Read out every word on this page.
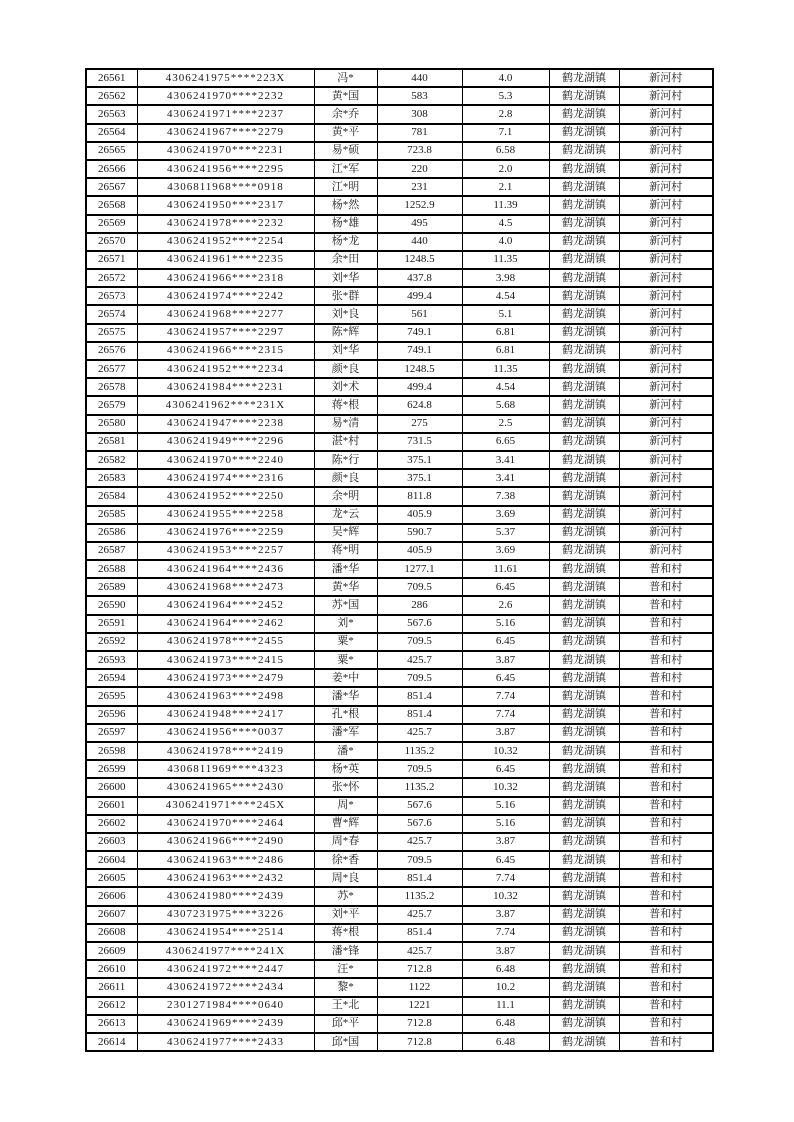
26561	4306241975****223X	冯*	440	4.0	鹤龙湖镇	新河村
26562	4306241970****2232	黄*国	583	5.3	鹤龙湖镇	新河村
26563	4306241971****2237	余*乔	308	2.8	鹤龙湖镇	新河村
26564	4306241967****2279	黄*平	781	7.1	鹤龙湖镇	新河村
26565	4306241970****2231	易*硕	723.8	6.58	鹤龙湖镇	新河村
26566	4306241956****2295	江*军	220	2.0	鹤龙湖镇	新河村
26567	4306811968****0918	江*明	231	2.1	鹤龙湖镇	新河村
26568	4306241950****2317	杨*然	1252.9	11.39	鹤龙湖镇	新河村
26569	4306241978****2232	杨*雄	495	4.5	鹤龙湖镇	新河村
26570	4306241952****2254	杨*龙	440	4.0	鹤龙湖镇	新河村
26571	4306241961****2235	余*田	1248.5	11.35	鹤龙湖镇	新河村
26572	4306241966****2318	刘*华	437.8	3.98	鹤龙湖镇	新河村
26573	4306241974****2242	张*群	499.4	4.54	鹤龙湖镇	新河村
26574	4306241968****2277	刘*良	561	5.1	鹤龙湖镇	新河村
26575	4306241957****2297	陈*辉	749.1	6.81	鹤龙湖镇	新河村
26576	4306241966****2315	刘*华	749.1	6.81	鹤龙湖镇	新河村
26577	4306241952****2234	颜*良	1248.5	11.35	鹤龙湖镇	新河村
26578	4306241984****2231	刘*术	499.4	4.54	鹤龙湖镇	新河村
26579	4306241962****231X	蒋*根	624.8	5.68	鹤龙湖镇	新河村
26580	4306241947****2238	易*清	275	2.5	鹤龙湖镇	新河村
26581	4306241949****2296	湛*村	731.5	6.65	鹤龙湖镇	新河村
26582	4306241970****2240	陈*行	375.1	3.41	鹤龙湖镇	新河村
26583	4306241974****2316	颜*良	375.1	3.41	鹤龙湖镇	新河村
26584	4306241952****2250	余*明	811.8	7.38	鹤龙湖镇	新河村
26585	4306241955****2258	龙*云	405.9	3.69	鹤龙湖镇	新河村
26586	4306241976****2259	吴*辉	590.7	5.37	鹤龙湖镇	新河村
26587	4306241953****2257	蒋*明	405.9	3.69	鹤龙湖镇	新河村
26588	4306241964****2436	潘*华	1277.1	11.61	鹤龙湖镇	普和村
26589	4306241968****2473	黄*华	709.5	6.45	鹤龙湖镇	普和村
26590	4306241964****2452	苏*国	286	2.6	鹤龙湖镇	普和村
26591	4306241964****2462	刘*	567.6	5.16	鹤龙湖镇	普和村
26592	4306241978****2455	粟*	709.5	6.45	鹤龙湖镇	普和村
26593	4306241973****2415	粟*	425.7	3.87	鹤龙湖镇	普和村
26594	4306241973****2479	姜*中	709.5	6.45	鹤龙湖镇	普和村
26595	4306241963****2498	潘*华	851.4	7.74	鹤龙湖镇	普和村
26596	4306241948****2417	孔*根	851.4	7.74	鹤龙湖镇	普和村
26597	4306241956****0037	潘*军	425.7	3.87	鹤龙湖镇	普和村
26598	4306241978****2419	潘*	1135.2	10.32	鹤龙湖镇	普和村
26599	4306811969****4323	杨*英	709.5	6.45	鹤龙湖镇	普和村
26600	4306241965****2430	张*怀	1135.2	10.32	鹤龙湖镇	普和村
26601	4306241971****245X	周*	567.6	5.16	鹤龙湖镇	普和村
26602	4306241970****2464	曹*辉	567.6	5.16	鹤龙湖镇	普和村
26603	4306241966****2490	周*春	425.7	3.87	鹤龙湖镇	普和村
26604	4306241963****2486	徐*香	709.5	6.45	鹤龙湖镇	普和村
26605	4306241963****2432	周*良	851.4	7.74	鹤龙湖镇	普和村
26606	4306241980****2439	苏*	1135.2	10.32	鹤龙湖镇	普和村
26607	4307231975****3226	刘*平	425.7	3.87	鹤龙湖镇	普和村
26608	4306241954****2514	蒋*根	851.4	7.74	鹤龙湖镇	普和村
26609	4306241977****241X	潘*锋	425.7	3.87	鹤龙湖镇	普和村
26610	4306241972****2447	汪*	712.8	6.48	鹤龙湖镇	普和村
26611	4306241972****2434	黎*	1122	10.2	鹤龙湖镇	普和村
26612	2301271984****0640	王*北	1221	11.1	鹤龙湖镇	普和村
26613	4306241969****2439	邱*平	712.8	6.48	鹤龙湖镇	普和村
26614	4306241977****2433	邱*国	712.8	6.48	鹤龙湖镇	普和村
